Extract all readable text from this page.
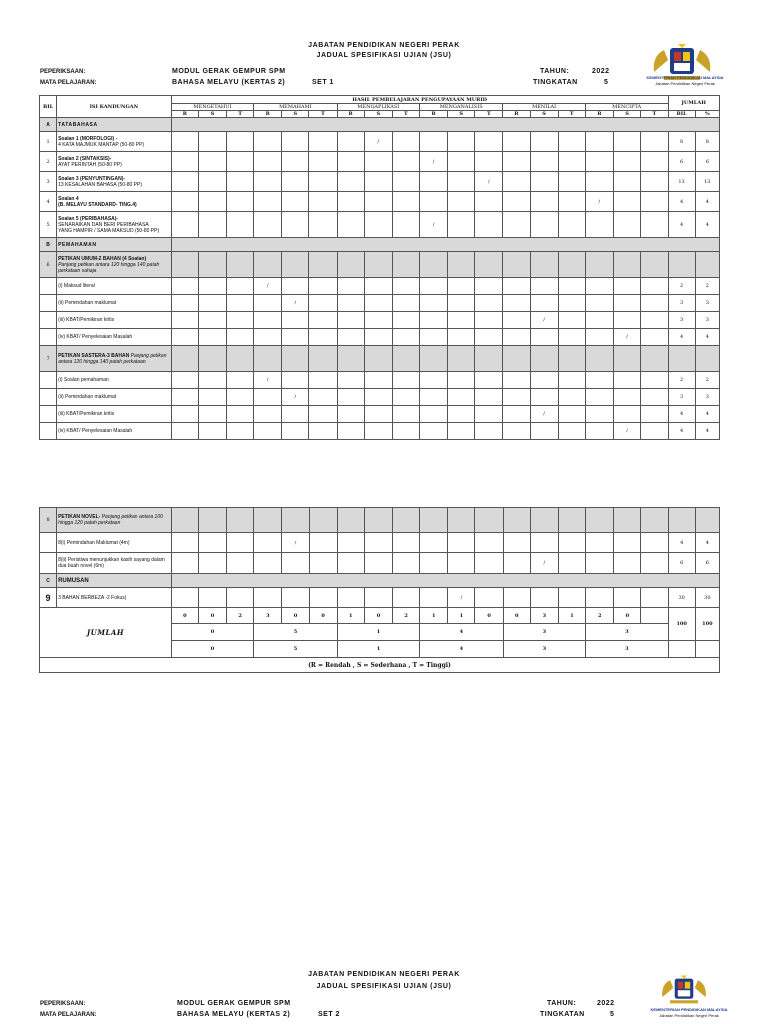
JABATAN PENDIDIKAN NEGERI PERAK
JADUAL SPESIFIKASI UJIAN (JSU)
PEPERIKSAAN:	MODUL GERAK GEMPUR SPM
MATA PELAJARAN:	BAHASA MELAYU (KERTAS 2)	SET 1
TAHUN:	2022
TINGKATAN	5
KEMENTERIAN PENDIDIKAN MALAYSIA
Jabatan Pendidikan Negeri Perak
BIL	ISI KANDUNGAN	HASIL PEMBELAJARAN PENGUPAYAAN MURID																		JUMLAH	
		MENGETAHUI			MEMAHAMI			MENGAPLIKASI			MENGANALISIS			MENILAI			MENCIPTA				
		R	S	T	R	S	T	R	S	T	R	S	T	R	S	T	R	S	T	BIL	%
A	TATABAHASA																				
1	Soalan 1 (MORFOLOGI) -
4 KATA MAJMUK MANTAP (50-80 PP)								/											8	8
2	Soalan 2 (SINTAKSIS)-
AYAT PERINTAH (50-80 PP)										/									6	6
3	Soalan 3 (PENYUNTINGAN)-
13 KESALAHAN BAHASA (50-80 PP)												/							13	13
4	Soalan 4
(B. MELAYU STANDARD- TING.4)																/			4	4
5	Soalan 5 (PERIBAHASA)-
SENARAIKAN DAN BERI PERIBAHASA
YANG HAMPIR / SAMA MAKSUD (50-80 PP)										/									4	4
B	PEMAHAMAN																				
6	PETIKAN UMUM-2 BAHAN (4 Soalan)
Panjang petikan antara 120 hingga 140 patah perkataan sahaja																				
	(i) Maksud literal				/															2	2
	(ii) Pemindahan maklumat					/														3	3
	(iii) KBAT/Pemikiran kritis														/					3	3
	(iv) KBAT/ Penyelesaian Masalah																	/		4	4
7	PETIKAN SASTERA-3 BAHAN Panjang petikan antara 120 hingga 140 patah perkataan																				
	(i) Soalan pemahaman				/															2	2
	(ii) Pemindahan maklumat					/														3	3
	(iii) KBAT/Pemikiran kritis														/					4	4
	(iv) KBAT/ Penyelesaian Masalah																	/		4	4
8	PETIKAN NOVEL- Panjang petikan antara 100 hingga 120 patah perkataan																				
	8(i) Pemindahan Maklumat (4m)					/														4	4
	8(ii) Peristiwa menunjukkan kasih sayang dalam dua buah novel (6m)														/					6	6
C	RUMUSAN																				
9	3 BAHAN BERBEZA -2 Fokus)											/								30	30
JUMLAH		0	0	2	3	0	0	1	0	2	1	1	0	0	3	1	2	0		100	100
		0			5			1			4			3			3				
		0			5			1			4			3			3				
(R = Rendah , S = Sederhana , T = Tinggi)																					
JABATAN PENDIDIKAN NEGERI PERAK
JADUAL SPESIFIKASI UJIAN (JSU)
PEPERIKSAAN:	MODUL GERAK GEMPUR SPM
MATA PELAJARAN:	BAHASA MELAYU (KERTAS 2)	SET 2
TAHUN:	2022
TINGKATAN	5
KEMENTERIAN PENDIDIKAN MALAYSIA
Jabatan Pendidikan Negeri Perak
